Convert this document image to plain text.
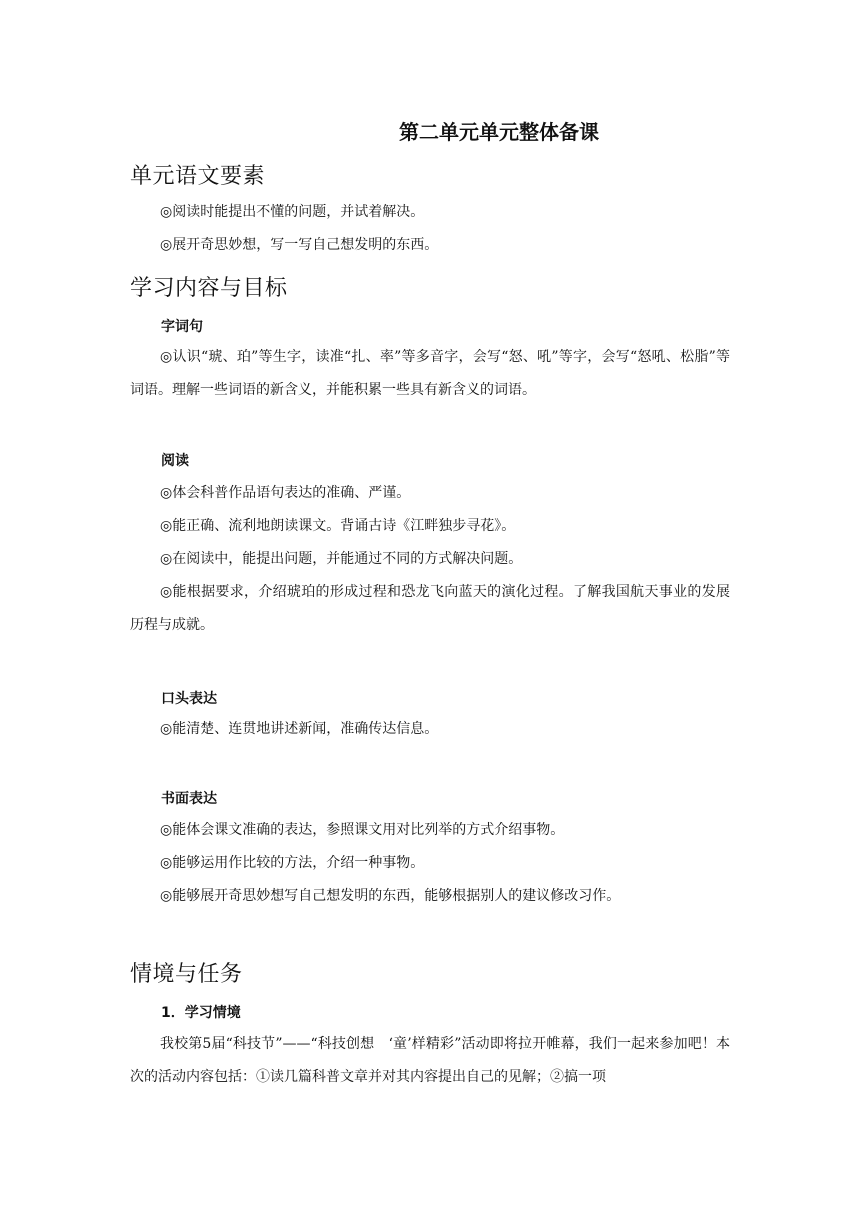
第二单元单元整体备课
单元语文要素

◎阅读时能提出不懂的问题，并试着解决。

◎展开奇思妙想，写一写自己想发明的东西。

学习内容与目标
字词句

◎认识“琥、珀”等生字，读准“扎、率”等多音字，会写“怒、吼”等字，会写“怒吼、松脂”等词语。理解一些词语的新含义，并能积累一些具有新含义的词语。

阅读

◎体会科普作品语句表达的准确、严谨。

◎能正确、流利地朗读课文。背诵古诗《江畔独步寻花》。

◎在阅读中，能提出问题，并能通过不同的方式解决问题。

◎能根据要求，介绍琥珀的形成过程和恐龙飞向蓝天的演化过程。了解我国航天事业的发展历程与成就。

口头表达

◎能清楚、连贯地讲述新闻，准确传达信息。

书面表达

◎能体会课文准确的表达，参照课文用对比列举的方式介绍事物。

◎能够运用作比较的方法，介绍一种事物。

◎能够展开奇思妙想写自己想发明的东西，能够根据别人的建议修改习作。

情境与任务
1．学习情境

我校第5届“科技节”——“科技创想　‘童’样精彩”活动即将拉开帷幕，我们一起来参加吧！本次的活动内容包括：①读几篇科普文章并对其内容提出自己的见解；②搞一项
